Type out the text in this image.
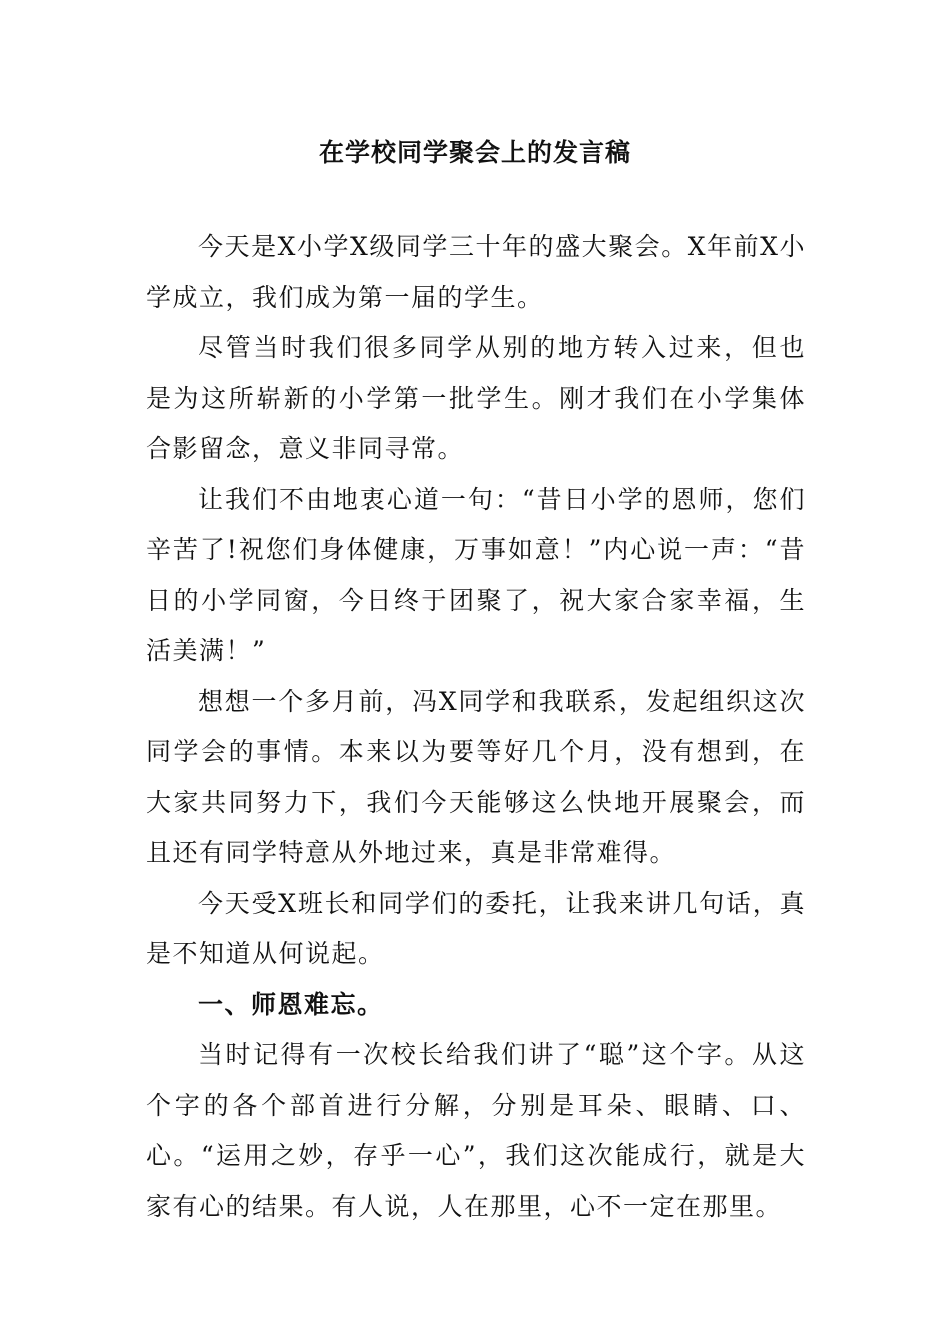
在学校同学聚会上的发言稿

今天是X小学X级同学三十年的盛大聚会。X年前X小学成立，我们成为第一届的学生。

尽管当时我们很多同学从别的地方转入过来，但也是为这所崭新的小学第一批学生。刚才我们在小学集体合影留念，意义非同寻常。

让我们不由地衷心道一句：“昔日小学的恩师，您们辛苦了!祝您们身体健康，万事如意！”内心说一声：“昔日的小学同窗，今日终于团聚了，祝大家合家幸福，生活美满！”

想想一个多月前，冯X同学和我联系，发起组织这次同学会的事情。本来以为要等好几个月，没有想到，在大家共同努力下，我们今天能够这么快地开展聚会，而且还有同学特意从外地过来，真是非常难得。

今天受X班长和同学们的委托，让我来讲几句话，真是不知道从何说起。

一、师恩难忘。

当时记得有一次校长给我们讲了“聪”这个字。从这个字的各个部首进行分解，分别是耳朵、眼睛、口、心。“运用之妙，存乎一心”，我们这次能成行，就是大家有心的结果。有人说，人在那里，心不一定在那里。
